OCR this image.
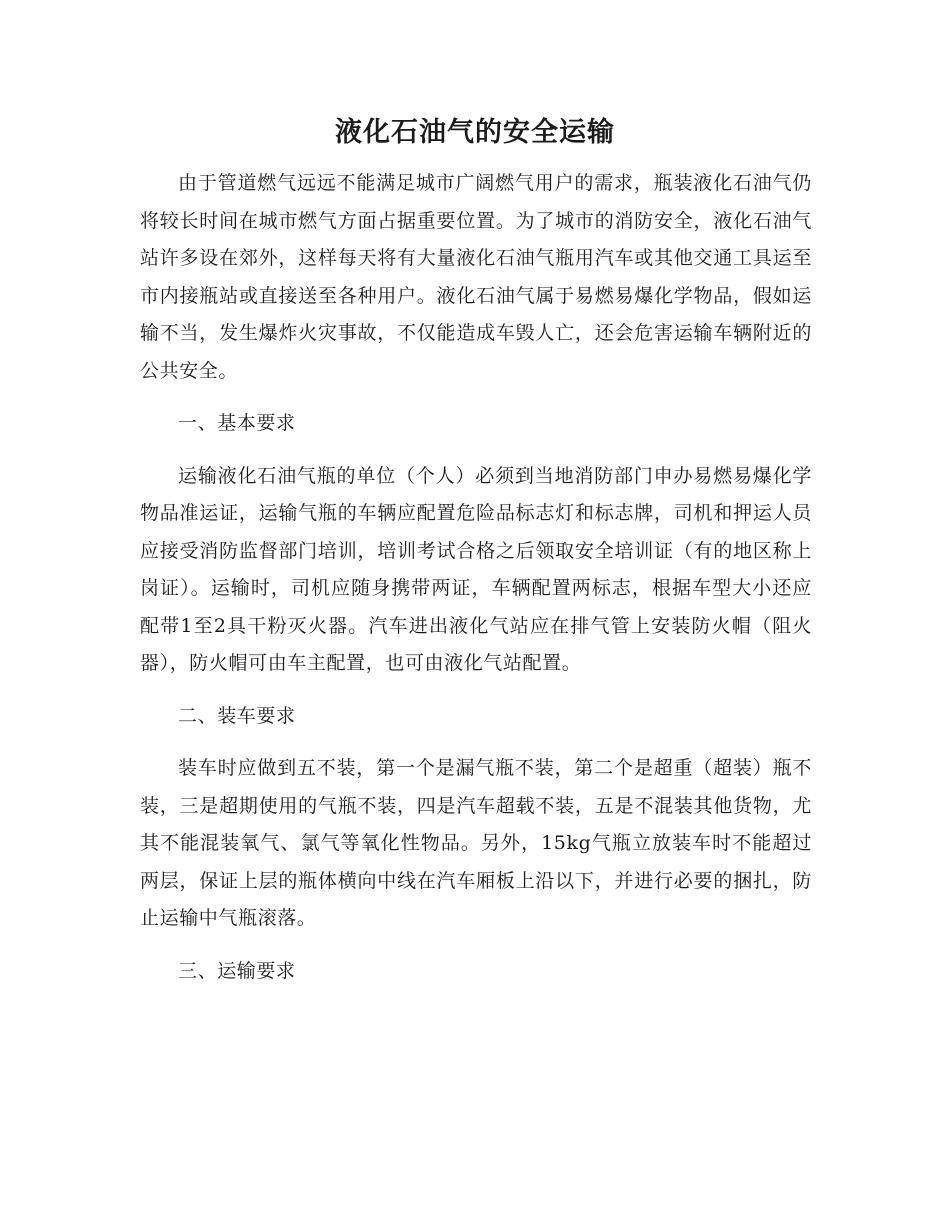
液化石油气的安全运输

由于管道燃气远远不能满足城市广阔燃气用户的需求，瓶装液化石油气仍将较长时间在城市燃气方面占据重要位置。为了城市的消防安全，液化石油气站许多设在郊外，这样每天将有大量液化石油气瓶用汽车或其他交通工具运至市内接瓶站或直接送至各种用户。液化石油气属于易燃易爆化学物品，假如运输不当，发生爆炸火灾事故，不仅能造成车毁人亡，还会危害运输车辆附近的公共安全。

一、基本要求

运输液化石油气瓶的单位（个人）必须到当地消防部门申办易燃易爆化学物品准运证，运输气瓶的车辆应配置危险品标志灯和标志牌，司机和押运人员应接受消防监督部门培训，培训考试合格之后领取安全培训证（有的地区称上岗证）。运输时，司机应随身携带两证，车辆配置两标志，根据车型大小还应配带1至2具干粉灭火器。汽车进出液化气站应在排气管上安装防火帽（阻火器），防火帽可由车主配置，也可由液化气站配置。

二、装车要求

装车时应做到五不装，第一个是漏气瓶不装，第二个是超重（超装）瓶不装，三是超期使用的气瓶不装，四是汽车超载不装，五是不混装其他货物，尤其不能混装氧气、氯气等氧化性物品。另外，15kg气瓶立放装车时不能超过两层，保证上层的瓶体横向中线在汽车厢板上沿以下，并进行必要的捆扎，防止运输中气瓶滚落。

三、运输要求
